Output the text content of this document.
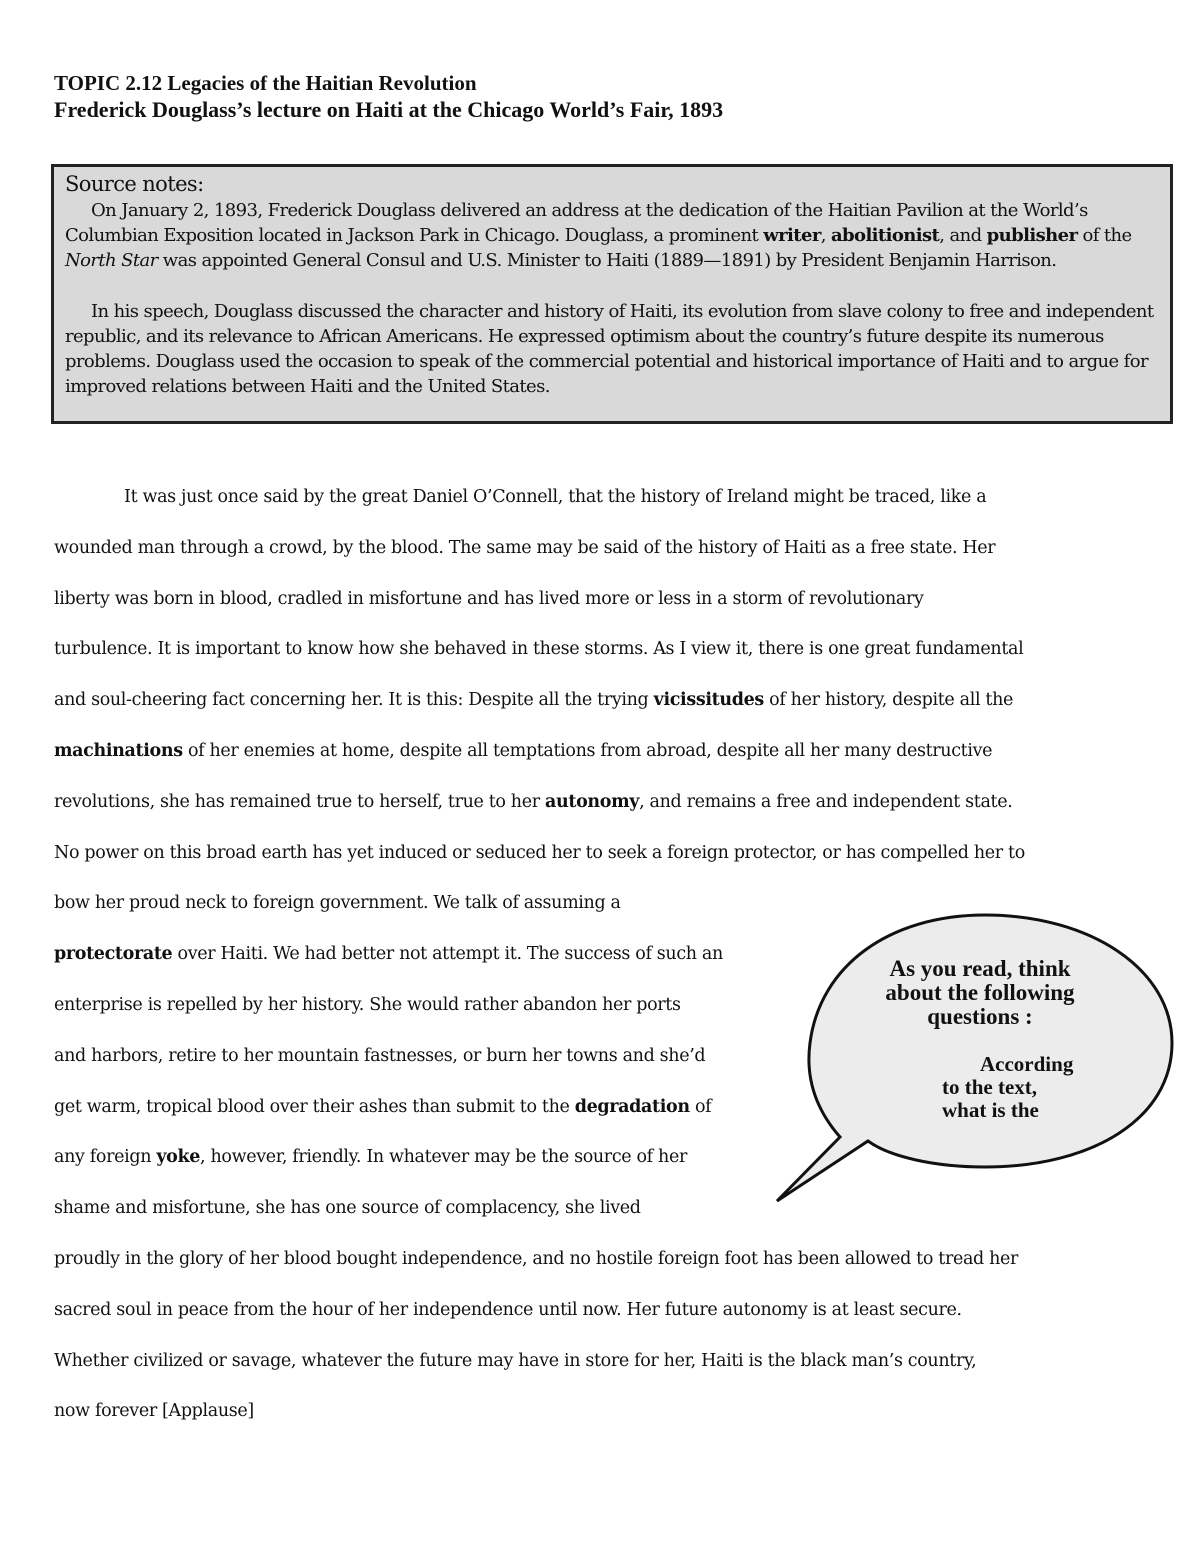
TOPIC 2.12 Legacies of the Haitian Revolution
Frederick Douglass’s lecture on Haiti at the Chicago World’s Fair, 1893
Source notes:

On January 2, 1893, Frederick Douglass delivered an address at the dedication of the Haitian Pavilion at the World’s Columbian Exposition located in Jackson Park in Chicago. Douglass, a prominent writer, abolitionist, and publisher of the North Star was appointed General Consul and U.S. Minister to Haiti (1889—1891) by President Benjamin Harrison.

In his speech, Douglass discussed the character and history of Haiti, its evolution from slave colony to free and independent republic, and its relevance to African Americans. He expressed optimism about the country’s future despite its numerous problems. Douglass used the occasion to speak of the commercial potential and historical importance of Haiti and to argue for improved relations between Haiti and the United States.

It was just once said by the great Daniel O’Connell, that the history of Ireland might be traced, like a
wounded man through a crowd, by the blood. The same may be said of the history of Haiti as a free state. Her
liberty was born in blood, cradled in misfortune and has lived more or less in a storm of revolutionary
turbulence. It is important to know how she behaved in these storms. As I view it, there is one great fundamental
and soul-cheering fact concerning her. It is this: Despite all the trying vicissitudes of her history, despite all the
machinations of her enemies at home, despite all temptations from abroad, despite all her many destructive
revolutions, she has remained true to herself, true to her autonomy, and remains a free and independent state.
No power on this broad earth has yet induced or seduced her to seek a foreign protector, or has compelled her to
bow her proud neck to foreign government. We talk of assuming a
protectorate over Haiti. We had better not attempt it. The success of such an
enterprise is repelled by her history. She would rather abandon her ports
and harbors, retire to her mountain fastnesses, or burn her towns and she’d
get warm, tropical blood over their ashes than submit to the degradation of
any foreign yoke, however, friendly. In whatever may be the source of her
shame and misfortune, she has one source of complacency, she lived
proudly in the glory of her blood bought independence, and no hostile foreign foot has been allowed to tread her
sacred soul in peace from the hour of her independence until now. Her future autonomy is at least secure.
Whether civilized or savage, whatever the future may have in store for her, Haiti is the black man’s country,
now forever [Applause]
As you read, think
about the following
questions :
According
to the text,
what is the
